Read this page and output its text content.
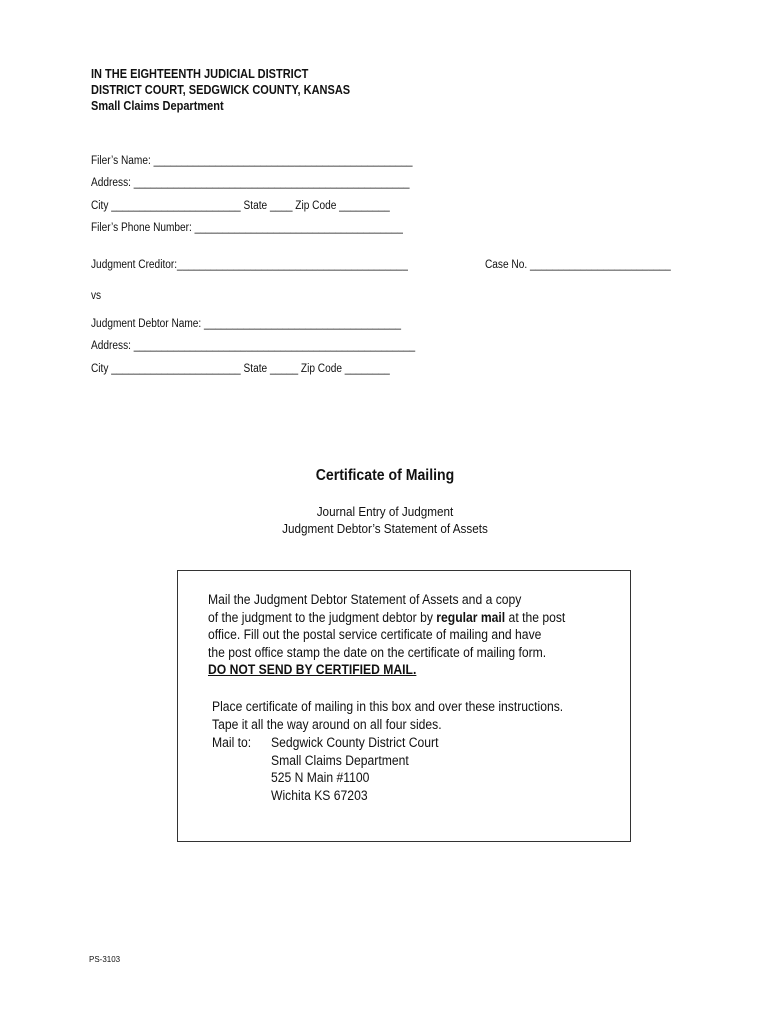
IN THE EIGHTEENTH JUDICIAL DISTRICT
DISTRICT COURT, SEDGWICK COUNTY, KANSAS
Small Claims Department
Filer’s Name: ______________________________________________
Address: _________________________________________________
City _______________________ State ____ Zip Code _________
Filer’s Phone Number: _____________________________________
Judgment Creditor:_________________________________________	Case No. _________________________
vs
Judgment Debtor Name: ___________________________________
Address: __________________________________________________
City _______________________ State _____ Zip Code ________
Certificate of Mailing
Journal Entry of Judgment
Judgment Debtor’s Statement of Assets
Mail the Judgment Debtor Statement of Assets and a copy
of the judgment to the judgment debtor by regular mail at the post
office. Fill out the postal service certificate of mailing and have
the post office stamp the date on the certificate of mailing form.
DO NOT SEND BY CERTIFIED MAIL.
Place certificate of mailing in this box and over these instructions.
Tape it all the way around on all four sides.
Mail to: Sedgwick County District Court
Small Claims Department
525 N Main #1100
Wichita KS 67203
PS-3103
